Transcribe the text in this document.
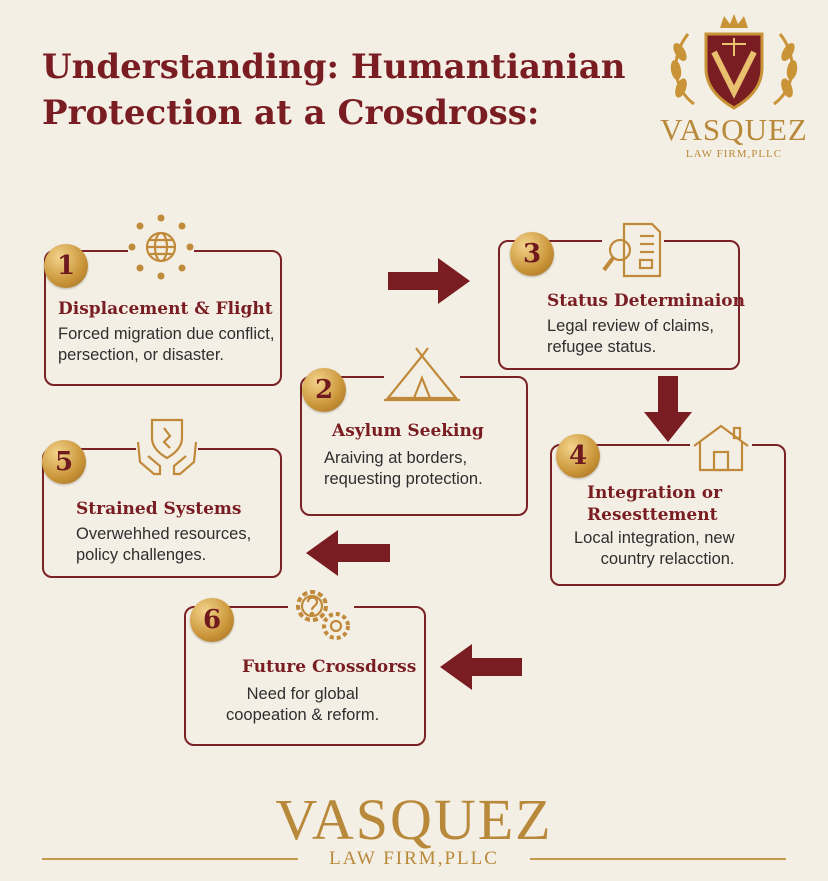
Understanding: Humantianian
Protection at a Crosdross:	VASQUEZ
LAW FIRM,PLLC
1
Displacement & Flight
Forced migration due conflict,
persection, or disaster.
3
Status Determinaion
Legal review of claims,
refugee status.
2
Asylum Seeking
Araiving at borders,
requesting protection.
5
Strained Systems
Overwehhed resources,
policy challenges.
4
Integration or
Resesttement
Local integration, new
country relacction.
6
Future Crossdorss
Need for global
coopeation & reform.
VASQUEZ
LAW FIRM,PLLC
